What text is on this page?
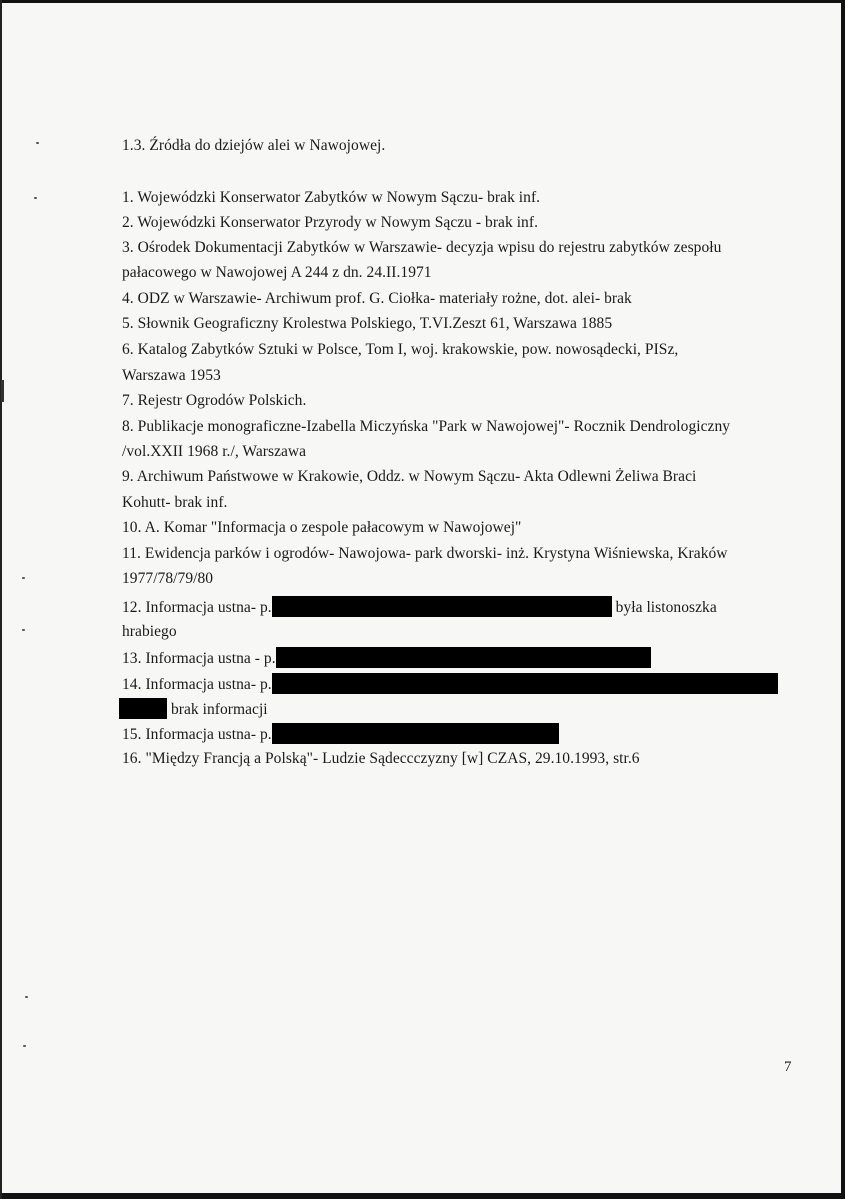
1.3. Źródła do dziejów alei w Nawojowej.
1. Wojewódzki Konserwator Zabytków w Nowym Sączu- brak inf.
2. Wojewódzki Konserwator Przyrody w Nowym Sączu - brak inf.
3. Ośrodek Dokumentacji Zabytków w Warszawie- decyzja wpisu do rejestru zabytków zespołu
pałacowego w Nawojowej A 244 z dn. 24.II.1971
4. ODZ w Warszawie- Archiwum prof. G. Ciołka- materiały rożne, dot. alei- brak
5. Słownik Geograficzny Krolestwa Polskiego, T.VI.Zeszt 61, Warszawa 1885
6. Katalog Zabytków Sztuki w Polsce, Tom I, woj. krakowskie, pow. nowosądecki, PISz,
Warszawa 1953
7. Rejestr Ogrodów Polskich.
8. Publikacje monograficzne-Izabella Miczyńska "Park w Nawojowej"- Rocznik Dendrologiczny
/vol.XXII 1968 r./, Warszawa
9. Archiwum Państwowe w Krakowie, Oddz. w Nowym Sączu- Akta Odlewni Żeliwa Braci
Kohutt- brak inf.
10. A. Komar "Informacja o zespole pałacowym w Nawojowej"
11. Ewidencja parków i ogrodów- Nawojowa- park dworski- inż. Krystyna Wiśniewska, Kraków
1977/78/79/80
12. Informacja ustna- p.	była listonoszka
hrabiego
13. Informacja ustna - p.
14. Informacja ustna- p.
brak informacji
15. Informacja ustna- p.
16. "Między Francją a Polską"- Ludzie Sądeccczyzny [w] CZAS, 29.10.1993, str.6
7
